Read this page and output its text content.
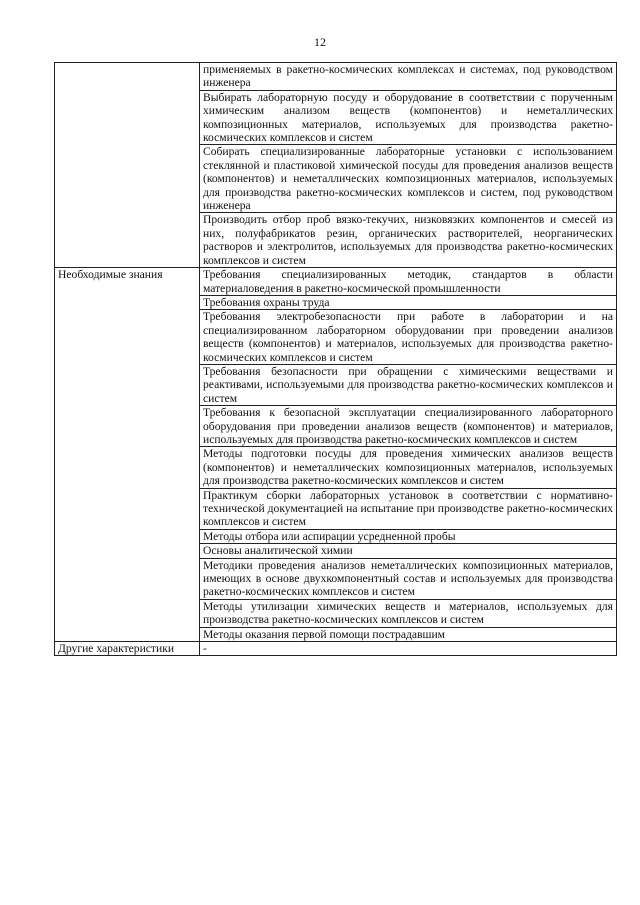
12
	применяемых в ракетно-космических комплексах и системах, под руководством инженера
	Выбирать лабораторную посуду и оборудование в соответствии с порученным химическим анализом веществ (компонентов) и неметаллических композиционных материалов, используемых для производства ракетно-космических комплексов и систем
	Собирать специализированные лабораторные установки с использованием стеклянной и пластиковой химической посуды для проведения анализов веществ (компонентов) и неметаллических композиционных материалов, используемых для производства ракетно-космических комплексов и систем, под руководством инженера
	Производить отбор проб вязко-текучих, низковязких компонентов и смесей из них, полуфабрикатов резин, органических растворителей, неорганических растворов и электролитов, используемых для производства ракетно-космических комплексов и систем
Необходимые знания	Требования специализированных методик, стандартов в области материаловедения в ракетно-космической промышленности
	Требования охраны труда
	Требования электробезопасности при работе в лаборатории и на специализированном лабораторном оборудовании при проведении анализов веществ (компонентов) и материалов, используемых для производства ракетно-космических комплексов и систем
	Требования безопасности при обращении с химическими веществами и реактивами, используемыми для производства ракетно-космических комплексов и систем
	Требования к безопасной эксплуатации специализированного лабораторного оборудования при проведении анализов веществ (компонентов) и материалов, используемых для производства ракетно-космических комплексов и систем
	Методы подготовки посуды для проведения химических анализов веществ (компонентов) и неметаллических композиционных материалов, используемых для производства ракетно-космических комплексов и систем
	Практикум сборки лабораторных установок в соответствии с нормативно-технической документацией на испытание при производстве ракетно-космических комплексов и систем
	Методы отбора или аспирации усредненной пробы
	Основы аналитической химии
	Методики проведения анализов неметаллических композиционных материалов, имеющих в основе двухкомпонентный состав и используемых для производства ракетно-космических комплексов и систем
	Методы утилизации химических веществ и материалов, используемых для производства ракетно-космических комплексов и систем
	Методы оказания первой помощи пострадавшим
Другие характеристики	-
